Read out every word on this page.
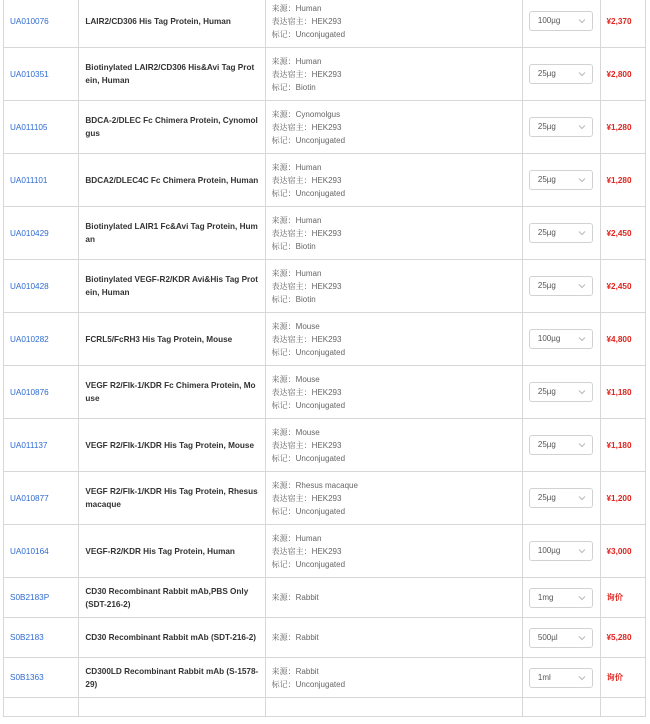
UA010076	LAIR2/CD306 His Tag Protein, Human	来源：Human
表达宿主：HEK293
标记：Unconjugated	100µg	¥2,370
UA010351	Biotinylated LAIR2/CD306 His&Avi Tag Protein, Human	来源：Human
表达宿主：HEK293
标记：Biotin	25µg	¥2,800
UA011105	BDCA-2/DLEC Fc Chimera Protein, Cynomolgus	来源：Cynomolgus
表达宿主：HEK293
标记：Unconjugated	25µg	¥1,280
UA011101	BDCA2/DLEC4C Fc Chimera Protein, Human	来源：Human
表达宿主：HEK293
标记：Unconjugated	25µg	¥1,280
UA010429	Biotinylated LAIR1 Fc&Avi Tag Protein, Human	来源：Human
表达宿主：HEK293
标记：Biotin	25µg	¥2,450
UA010428	Biotinylated VEGF-R2/KDR Avi&His Tag Protein, Human	来源：Human
表达宿主：HEK293
标记：Biotin	25µg	¥2,450
UA010282	FCRL5/FcRH3 His Tag Protein, Mouse	来源：Mouse
表达宿主：HEK293
标记：Unconjugated	100µg	¥4,800
UA010876	VEGF R2/Flk-1/KDR Fc Chimera Protein, Mouse	来源：Mouse
表达宿主：HEK293
标记：Unconjugated	25µg	¥1,180
UA011137	VEGF R2/Flk-1/KDR His Tag Protein, Mouse	来源：Mouse
表达宿主：HEK293
标记：Unconjugated	25µg	¥1,180
UA010877	VEGF R2/Flk-1/KDR His Tag Protein, Rhesus macaque	来源：Rhesus macaque
表达宿主：HEK293
标记：Unconjugated	25µg	¥1,200
UA010164	VEGF-R2/KDR His Tag Protein, Human	来源：Human
表达宿主：HEK293
标记：Unconjugated	100µg	¥3,000
S0B2183P	CD30 Recombinant Rabbit mAb,PBS Only (SDT-216-2)	来源：Rabbit	1mg	询价
S0B2183	CD30 Recombinant Rabbit mAb (SDT-216-2)	来源：Rabbit	500µl	¥5,280
S0B1363	CD300LD Recombinant Rabbit mAb (S-1578-29)	来源：Rabbit
标记：Unconjugated	1ml	询价
